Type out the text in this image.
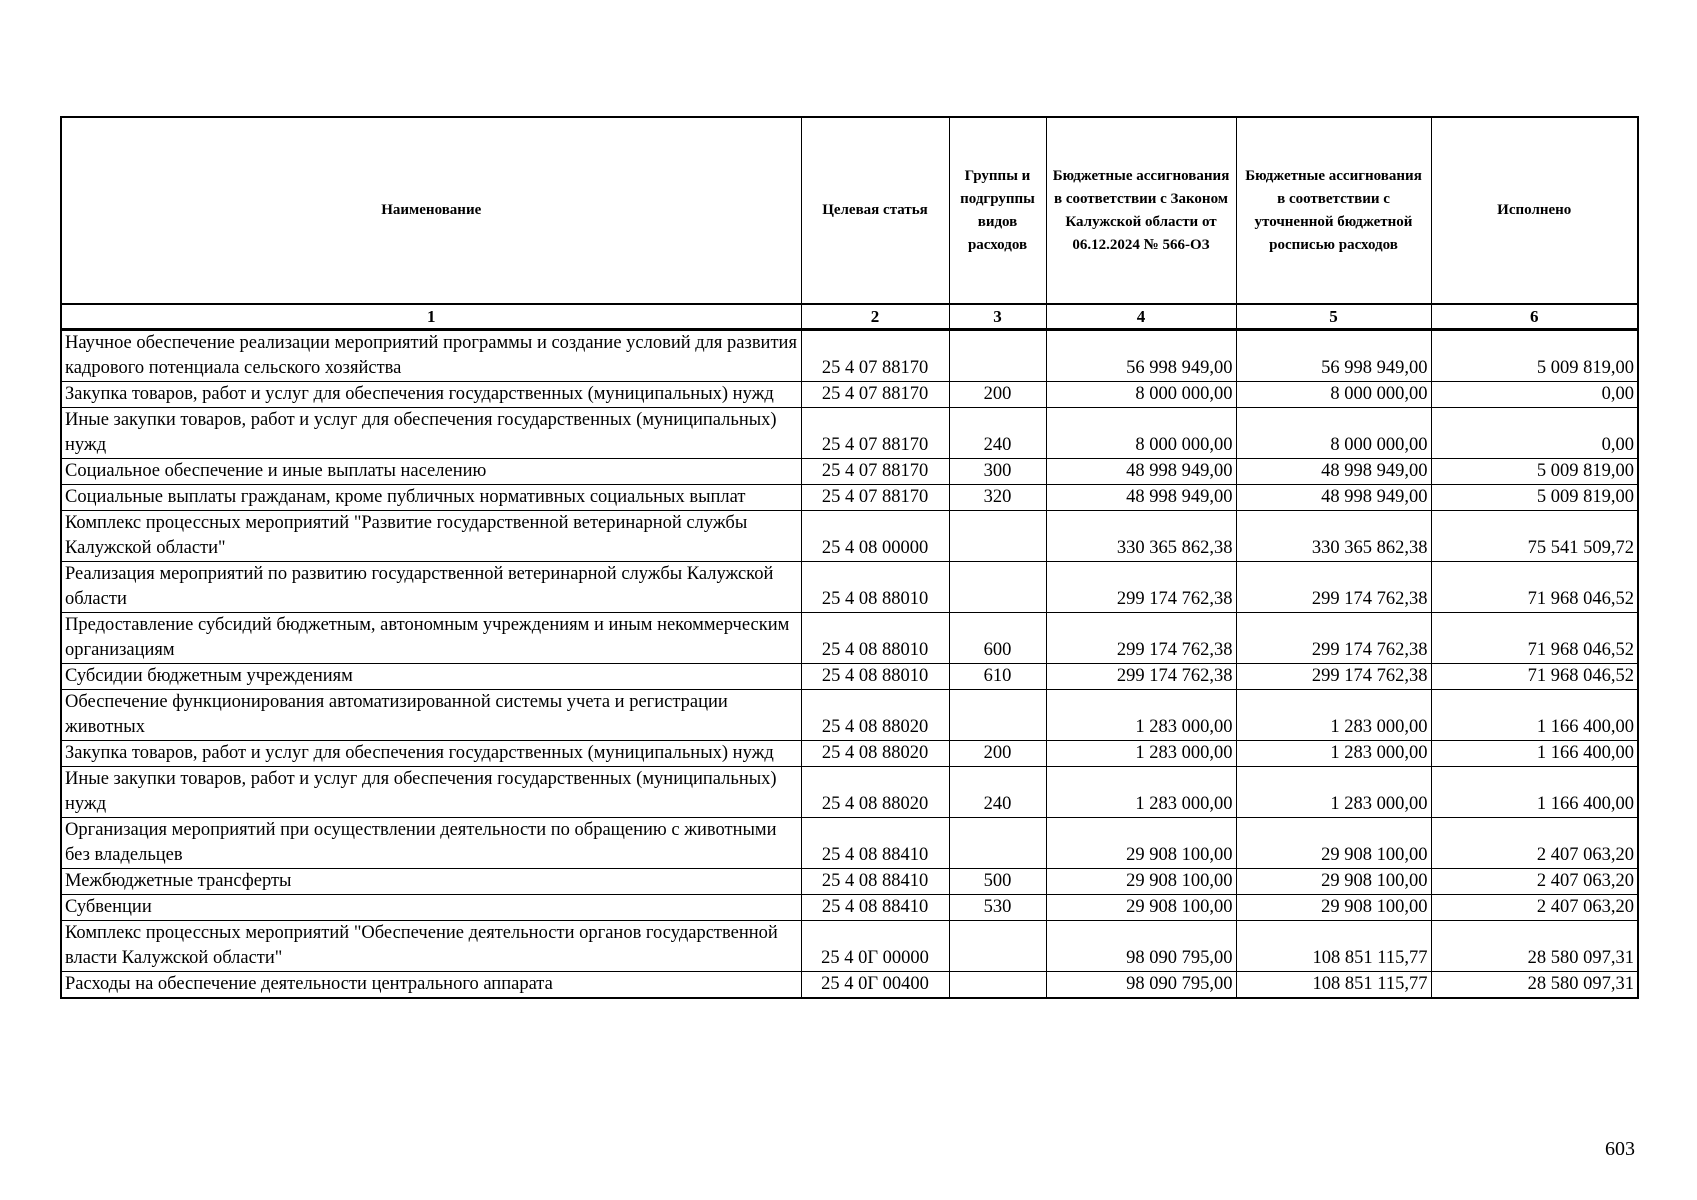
Наименование	Целевая статья	Группы и подгруппы видов расходов	Бюджетные ассигнования в соответствии с Законом Калужской области от 06.12.2024 № 566-ОЗ	Бюджетные ассигнования в соответствии с уточненной бюджетной росписью расходов	Исполнено
1	2	3	4	5	6
Научное обеспечение реализации мероприятий программы и создание условий для развития кадрового потенциала сельского хозяйства	25 4 07 88170		56 998 949,00	56 998 949,00	5 009 819,00
Закупка товаров, работ и услуг для обеспечения государственных (муниципальных) нужд	25 4 07 88170	200	8 000 000,00	8 000 000,00	0,00
Иные закупки товаров, работ и услуг для обеспечения государственных (муниципальных) нужд	25 4 07 88170	240	8 000 000,00	8 000 000,00	0,00
Социальное обеспечение и иные выплаты населению	25 4 07 88170	300	48 998 949,00	48 998 949,00	5 009 819,00
Социальные выплаты гражданам, кроме публичных нормативных социальных выплат	25 4 07 88170	320	48 998 949,00	48 998 949,00	5 009 819,00
Комплекс процессных мероприятий "Развитие государственной ветеринарной службы Калужской области"	25 4 08 00000		330 365 862,38	330 365 862,38	75 541 509,72
Реализация мероприятий по развитию государственной ветеринарной службы Калужской области	25 4 08 88010		299 174 762,38	299 174 762,38	71 968 046,52
Предоставление субсидий бюджетным, автономным учреждениям и иным некоммерческим организациям	25 4 08 88010	600	299 174 762,38	299 174 762,38	71 968 046,52
Субсидии бюджетным учреждениям	25 4 08 88010	610	299 174 762,38	299 174 762,38	71 968 046,52
Обеспечение функционирования автоматизированной системы учета и регистрации животных	25 4 08 88020		1 283 000,00	1 283 000,00	1 166 400,00
Закупка товаров, работ и услуг для обеспечения государственных (муниципальных) нужд	25 4 08 88020	200	1 283 000,00	1 283 000,00	1 166 400,00
Иные закупки товаров, работ и услуг для обеспечения государственных (муниципальных) нужд	25 4 08 88020	240	1 283 000,00	1 283 000,00	1 166 400,00
Организация мероприятий при осуществлении деятельности по обращению с животными без владельцев	25 4 08 88410		29 908 100,00	29 908 100,00	2 407 063,20
Межбюджетные трансферты	25 4 08 88410	500	29 908 100,00	29 908 100,00	2 407 063,20
Субвенции	25 4 08 88410	530	29 908 100,00	29 908 100,00	2 407 063,20
Комплекс процессных мероприятий "Обеспечение деятельности органов государственной власти Калужской области"	25 4 0Г 00000		98 090 795,00	108 851 115,77	28 580 097,31
Расходы на обеспечение деятельности центрального аппарата	25 4 0Г 00400		98 090 795,00	108 851 115,77	28 580 097,31
603
